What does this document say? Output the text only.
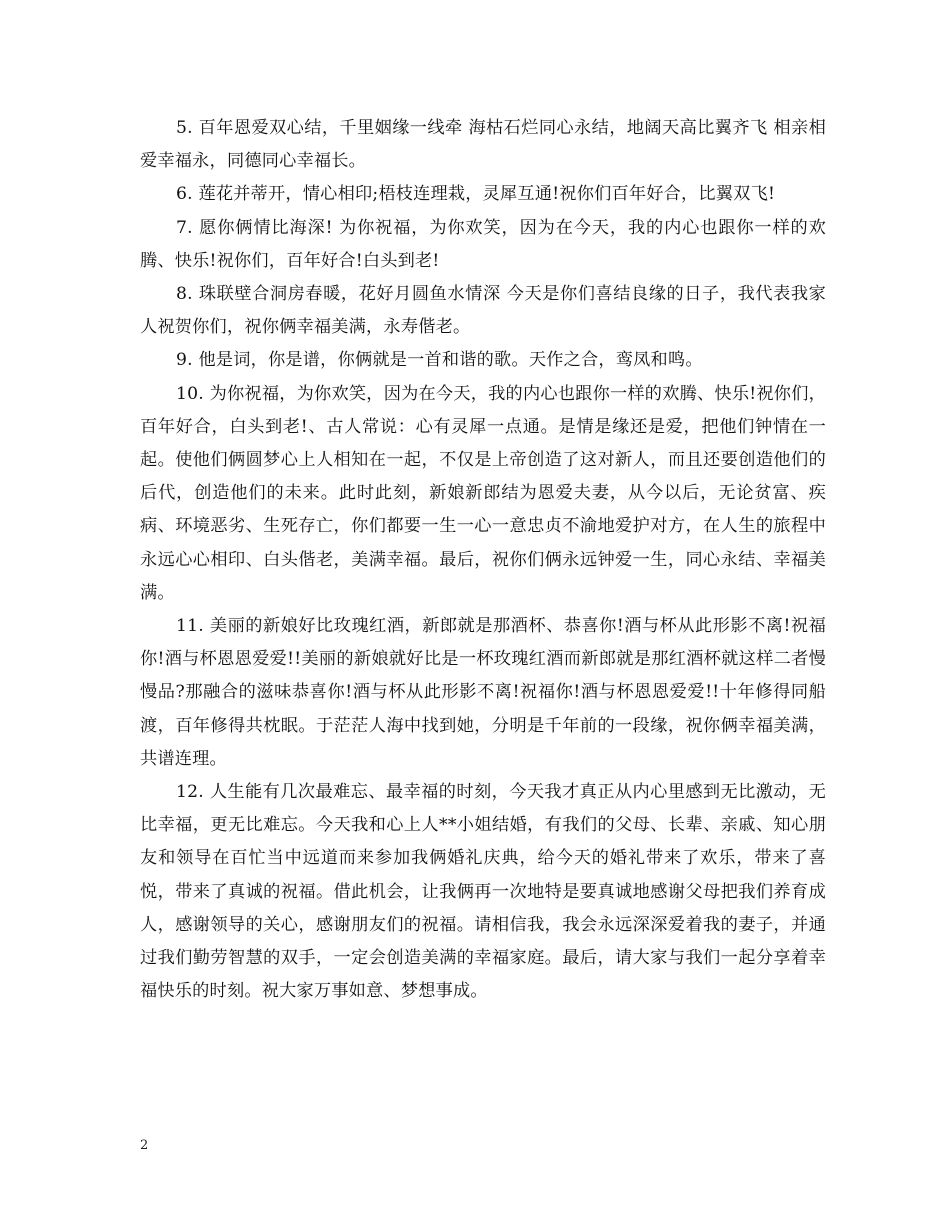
5. 百年恩爱双心结，千里姻缘一线牵 海枯石烂同心永结，地阔天高比翼齐飞 相亲相爱幸福永，同德同心幸福长。

6. 莲花并蒂开，情心相印;梧枝连理栽，灵犀互通!祝你们百年好合，比翼双飞!

7. 愿你俩情比海深! 为你祝福，为你欢笑，因为在今天，我的内心也跟你一样的欢腾、快乐!祝你们，百年好合!白头到老!

8. 珠联壁合洞房春暖，花好月圆鱼水情深 今天是你们喜结良缘的日子，我代表我家人祝贺你们，祝你俩幸福美满，永寿偕老。

9. 他是词，你是谱，你俩就是一首和谐的歌。天作之合，鸾凤和鸣。

10. 为你祝福，为你欢笑，因为在今天，我的内心也跟你一样的欢腾、快乐!祝你们，百年好合，白头到老!、古人常说：心有灵犀一点通。是情是缘还是爱，把他们钟情在一起。使他们俩圆梦心上人相知在一起，不仅是上帝创造了这对新人，而且还要创造他们的后代，创造他们的未来。此时此刻，新娘新郎结为恩爱夫妻，从今以后，无论贫富、疾病、环境恶劣、生死存亡，你们都要一生一心一意忠贞不渝地爱护对方，在人生的旅程中永远心心相印、白头偕老，美满幸福。最后，祝你们俩永远钟爱一生，同心永结、幸福美满。

11. 美丽的新娘好比玫瑰红酒，新郎就是那酒杯、恭喜你!酒与杯从此形影不离!祝福你!酒与杯恩恩爱爱!!美丽的新娘就好比是一杯玫瑰红酒而新郎就是那红酒杯就这样二者慢慢品?那融合的滋味恭喜你!酒与杯从此形影不离!祝福你!酒与杯恩恩爱爱!!十年修得同船渡，百年修得共枕眠。于茫茫人海中找到她，分明是千年前的一段缘，祝你俩幸福美满，共谱连理。

12. 人生能有几次最难忘、最幸福的时刻，今天我才真正从内心里感到无比激动，无比幸福，更无比难忘。今天我和心上人**小姐结婚，有我们的父母、长辈、亲戚、知心朋友和领导在百忙当中远道而来参加我俩婚礼庆典，给今天的婚礼带来了欢乐，带来了喜悦，带来了真诚的祝福。借此机会，让我俩再一次地特是要真诚地感谢父母把我们养育成人，感谢领导的关心，感谢朋友们的祝福。请相信我，我会永远深深爱着我的妻子，并通过我们勤劳智慧的双手，一定会创造美满的幸福家庭。最后，请大家与我们一起分享着幸福快乐的时刻。祝大家万事如意、梦想事成。

2
